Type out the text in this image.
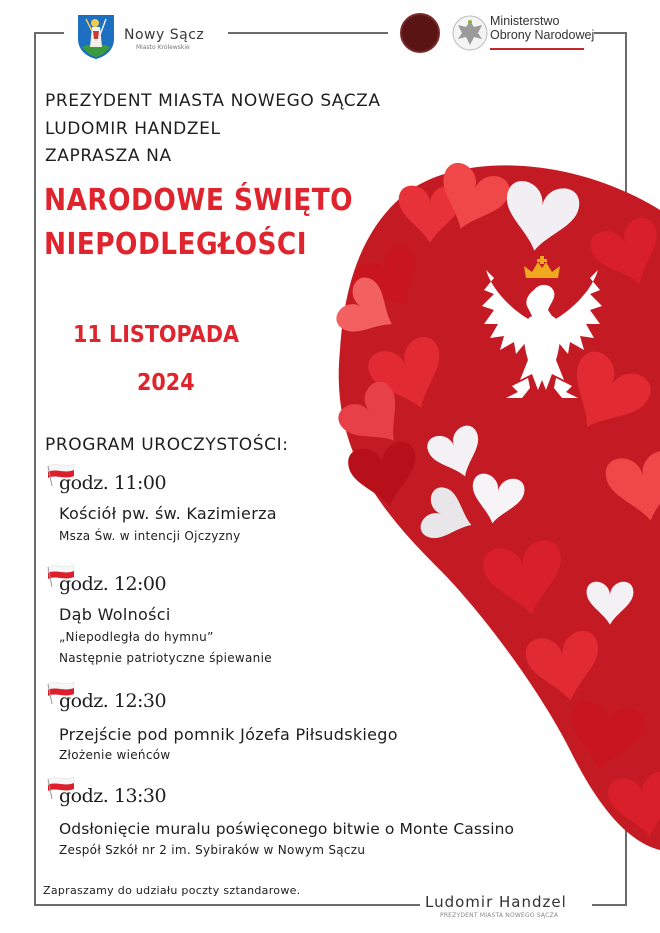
Nowy Sącz
Miasto Królewskie
Ministerstwo
Obrony Narodowej
PREZYDENT MIASTA NOWEGO SĄCZA
LUDOMIR HANDZEL
ZAPRASZA NA
NARODOWE ŚWIĘTO
NIEPODLEGŁOŚCI
11 LISTOPADA
2024
PROGRAM UROCZYSTOŚCI:
godz. 11:00
Kościół pw. św. Kazimierza
Msza Św. w intencji Ojczyzny
godz. 12:00
Dąb Wolności
„Niepodległa do hymnu”
Następnie patriotyczne śpiewanie
godz. 12:30
Przejście pod pomnik Józefa Piłsudskiego
Złożenie wieńców
godz. 13:30
Odsłonięcie muralu poświęconego bitwie o Monte Cassino
Zespół Szkół nr 2 im. Sybiraków w Nowym Sączu
Zapraszamy do udziału poczty sztandarowe.
Ludomir Handzel
PREZYDENT MIASTA NOWEGO SĄCZA
